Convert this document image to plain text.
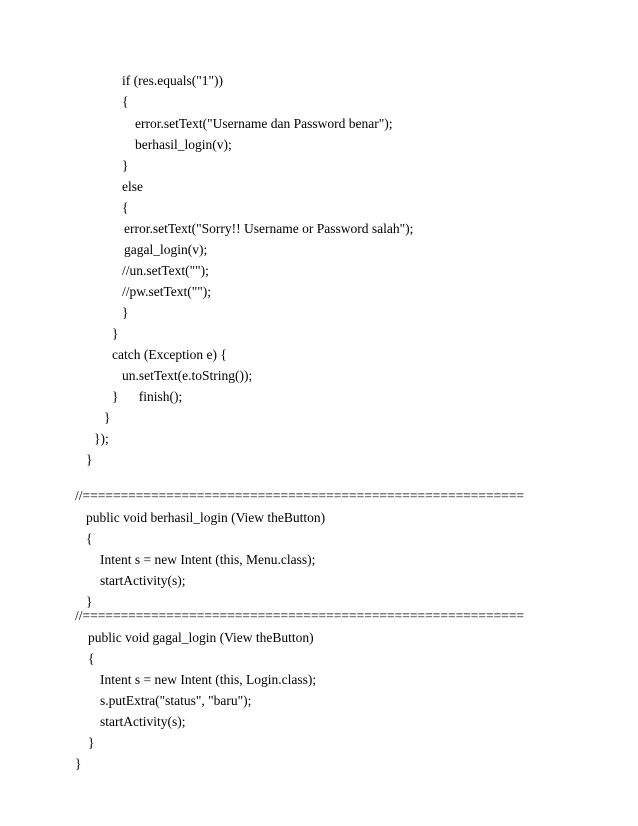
if (res.equals("1"))
{
error.setText("Username dan Password benar");
berhasil_login(v);
}
else
{
error.setText("Sorry!! Username or Password salah");
gagal_login(v);
//un.setText("");
//pw.setText("");
}
}
catch (Exception e) {
un.setText(e.toString());
}      finish();
}
});
}
//==========================================================
public void berhasil_login (View theButton)
{
Intent s = new Intent (this, Menu.class);
startActivity(s);
}
//==========================================================
public void gagal_login (View theButton)
{
Intent s = new Intent (this, Login.class);
s.putExtra("status", "baru");
startActivity(s);
}
}
